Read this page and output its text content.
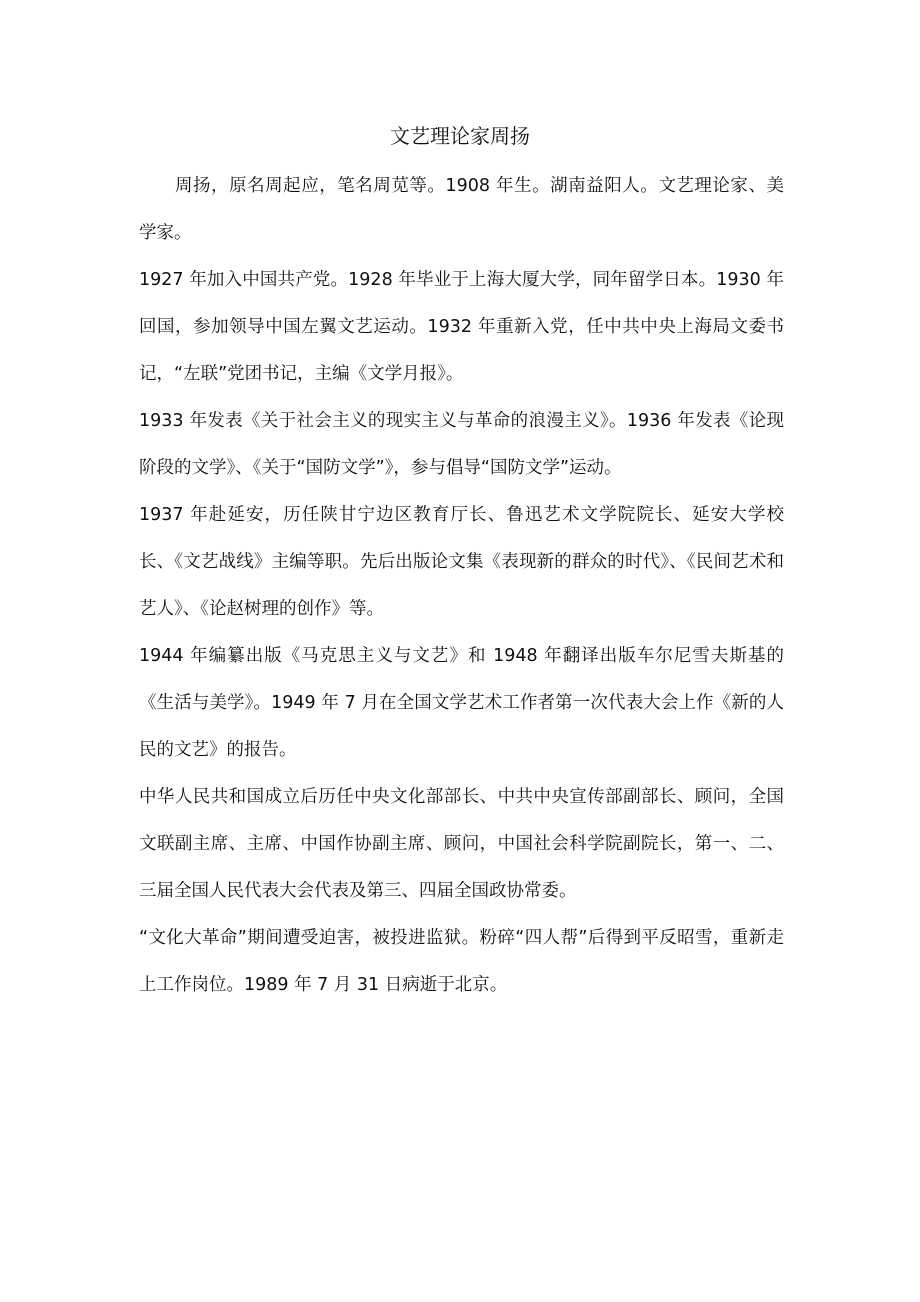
文艺理论家周扬

周扬，原名周起应，笔名周苋等。1908 年生。湖南益阳人。文艺理论家、美学家。

1927 年加入中国共产党。1928 年毕业于上海大厦大学，同年留学日本。1930 年回国，参加领导中国左翼文艺运动。1932 年重新入党，任中共中央上海局文委书记，“左联”党团书记，主编《文学月报》。

1933 年发表《关于社会主义的现实主义与革命的浪漫主义》。1936 年发表《论现阶段的文学》、《关于“国防文学”》，参与倡导“国防文学”运动。

1937 年赴延安，历任陕甘宁边区教育厅长、鲁迅艺术文学院院长、延安大学校长、《文艺战线》主编等职。先后出版论文集《表现新的群众的时代》、《民间艺术和艺人》、《论赵树理的创作》等。

1944 年编纂出版《马克思主义与文艺》和 1948 年翻译出版车尔尼雪夫斯基的《生活与美学》。1949 年 7 月在全国文学艺术工作者第一次代表大会上作《新的人民的文艺》的报告。

中华人民共和国成立后历任中央文化部部长、中共中央宣传部副部长、顾问，全国文联副主席、主席、中国作协副主席、顾问，中国社会科学院副院长，第一、二、三届全国人民代表大会代表及第三、四届全国政协常委。

“文化大革命”期间遭受迫害，被投进监狱。粉碎“四人帮”后得到平反昭雪，重新走上工作岗位。1989 年 7 月 31 日病逝于北京。
